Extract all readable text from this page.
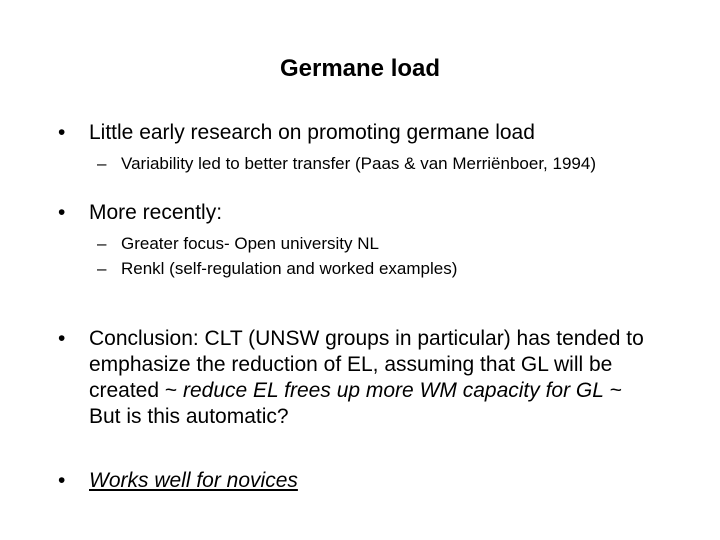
Germane load
• Little early research on promoting germane load
– Variability led to better transfer (Paas & van Merriënboer, 1994)
• More recently:
– Greater focus- Open university NL
– Renkl (self-regulation and worked examples)
• Conclusion: CLT (UNSW groups in particular) has tended to emphasize the reduction of EL, assuming that GL will be created ~ reduce EL frees up more WM capacity for GL ~ But is this automatic?
• Works well for novices
